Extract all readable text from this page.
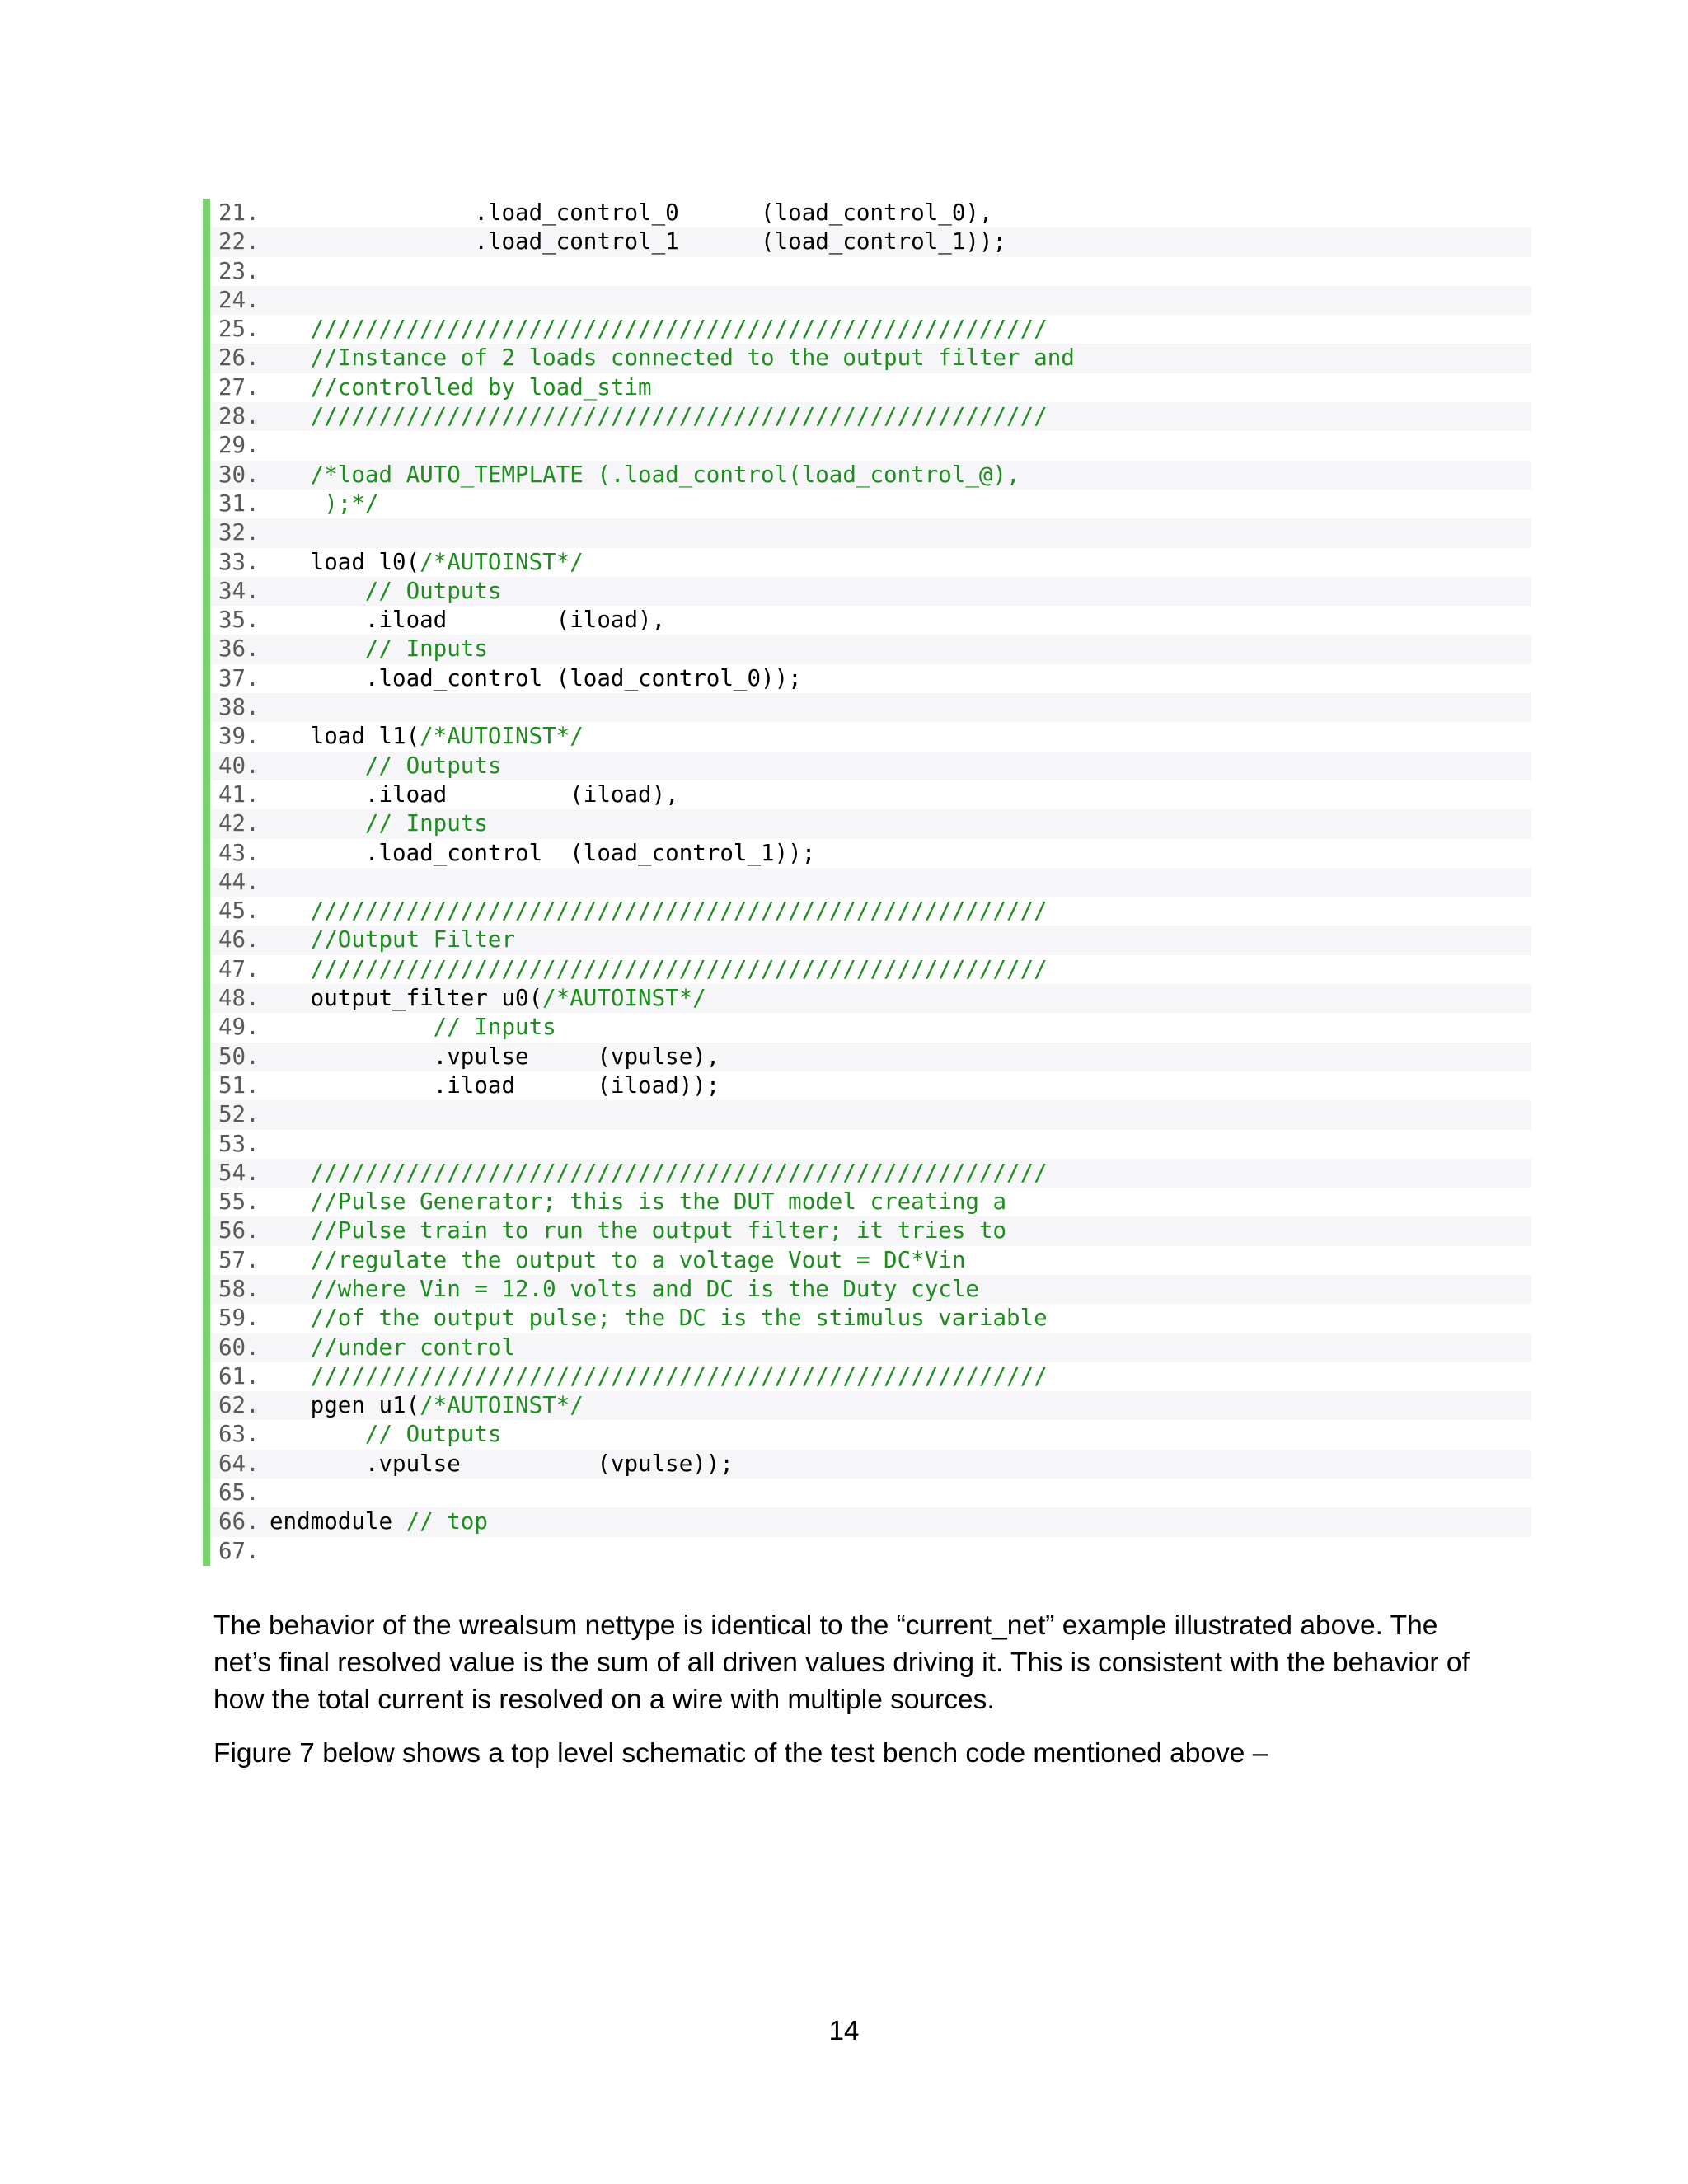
21.               .load_control_0      (load_control_0),
22.               .load_control_1      (load_control_1));
23.
24.
25.   //////////////////////////////////////////////////////
26.   //Instance of 2 loads connected to the output filter and
27.   //controlled by load_stim
28.   //////////////////////////////////////////////////////
29.
30.   /*load AUTO_TEMPLATE (.load_control(load_control_@),
31.    );*/
32.
33.   load l0(/*AUTOINST*/
34.       // Outputs
35.       .iload        (iload),
36.       // Inputs
37.       .load_control (load_control_0));
38.
39.   load l1(/*AUTOINST*/
40.       // Outputs
41.       .iload         (iload),
42.       // Inputs
43.       .load_control  (load_control_1));
44.
45.   //////////////////////////////////////////////////////
46.   //Output Filter
47.   //////////////////////////////////////////////////////
48.   output_filter u0(/*AUTOINST*/
49.            // Inputs
50.            .vpulse     (vpulse),
51.            .iload      (iload));
52.
53.
54.   //////////////////////////////////////////////////////
55.   //Pulse Generator; this is the DUT model creating a
56.   //Pulse train to run the output filter; it tries to
57.   //regulate the output to a voltage Vout = DC*Vin
58.   //where Vin = 12.0 volts and DC is the Duty cycle
59.   //of the output pulse; the DC is the stimulus variable
60.   //under control
61.   //////////////////////////////////////////////////////
62.   pgen u1(/*AUTOINST*/
63.       // Outputs
64.       .vpulse          (vpulse));
65.
66. endmodule // top
67.

The behavior of the wrealsum nettype is identical to the “current_net” example illustrated above. The net’s final resolved value is the sum of all driven values driving it. This is consistent with the behavior of how the total current is resolved on a wire with multiple sources.

Figure 7 below shows a top level schematic of the test bench code mentioned above –

14
